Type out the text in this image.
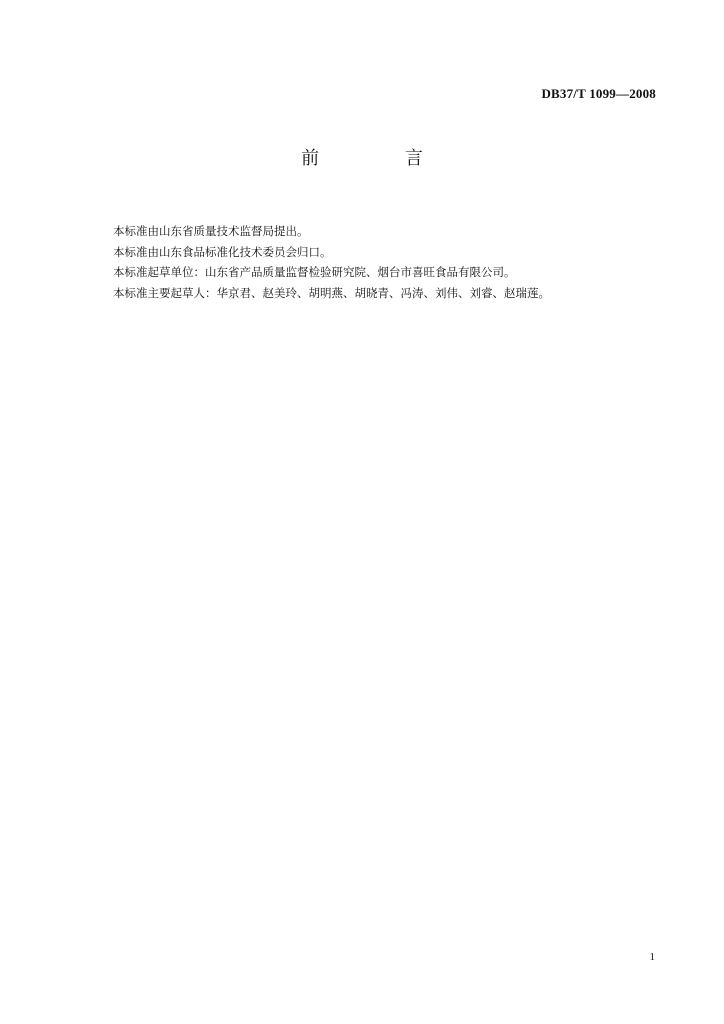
DB37/T 1099—2008
前 言
本标准由山东省质量技术监督局提出。
本标准由山东食品标准化技术委员会归口。
本标准起草单位：山东省产品质量监督检验研究院、烟台市喜旺食品有限公司。
本标准主要起草人：华京君、赵美玲、胡明燕、胡晓青、冯涛、刘伟、刘睿、赵瑞莲。
1
